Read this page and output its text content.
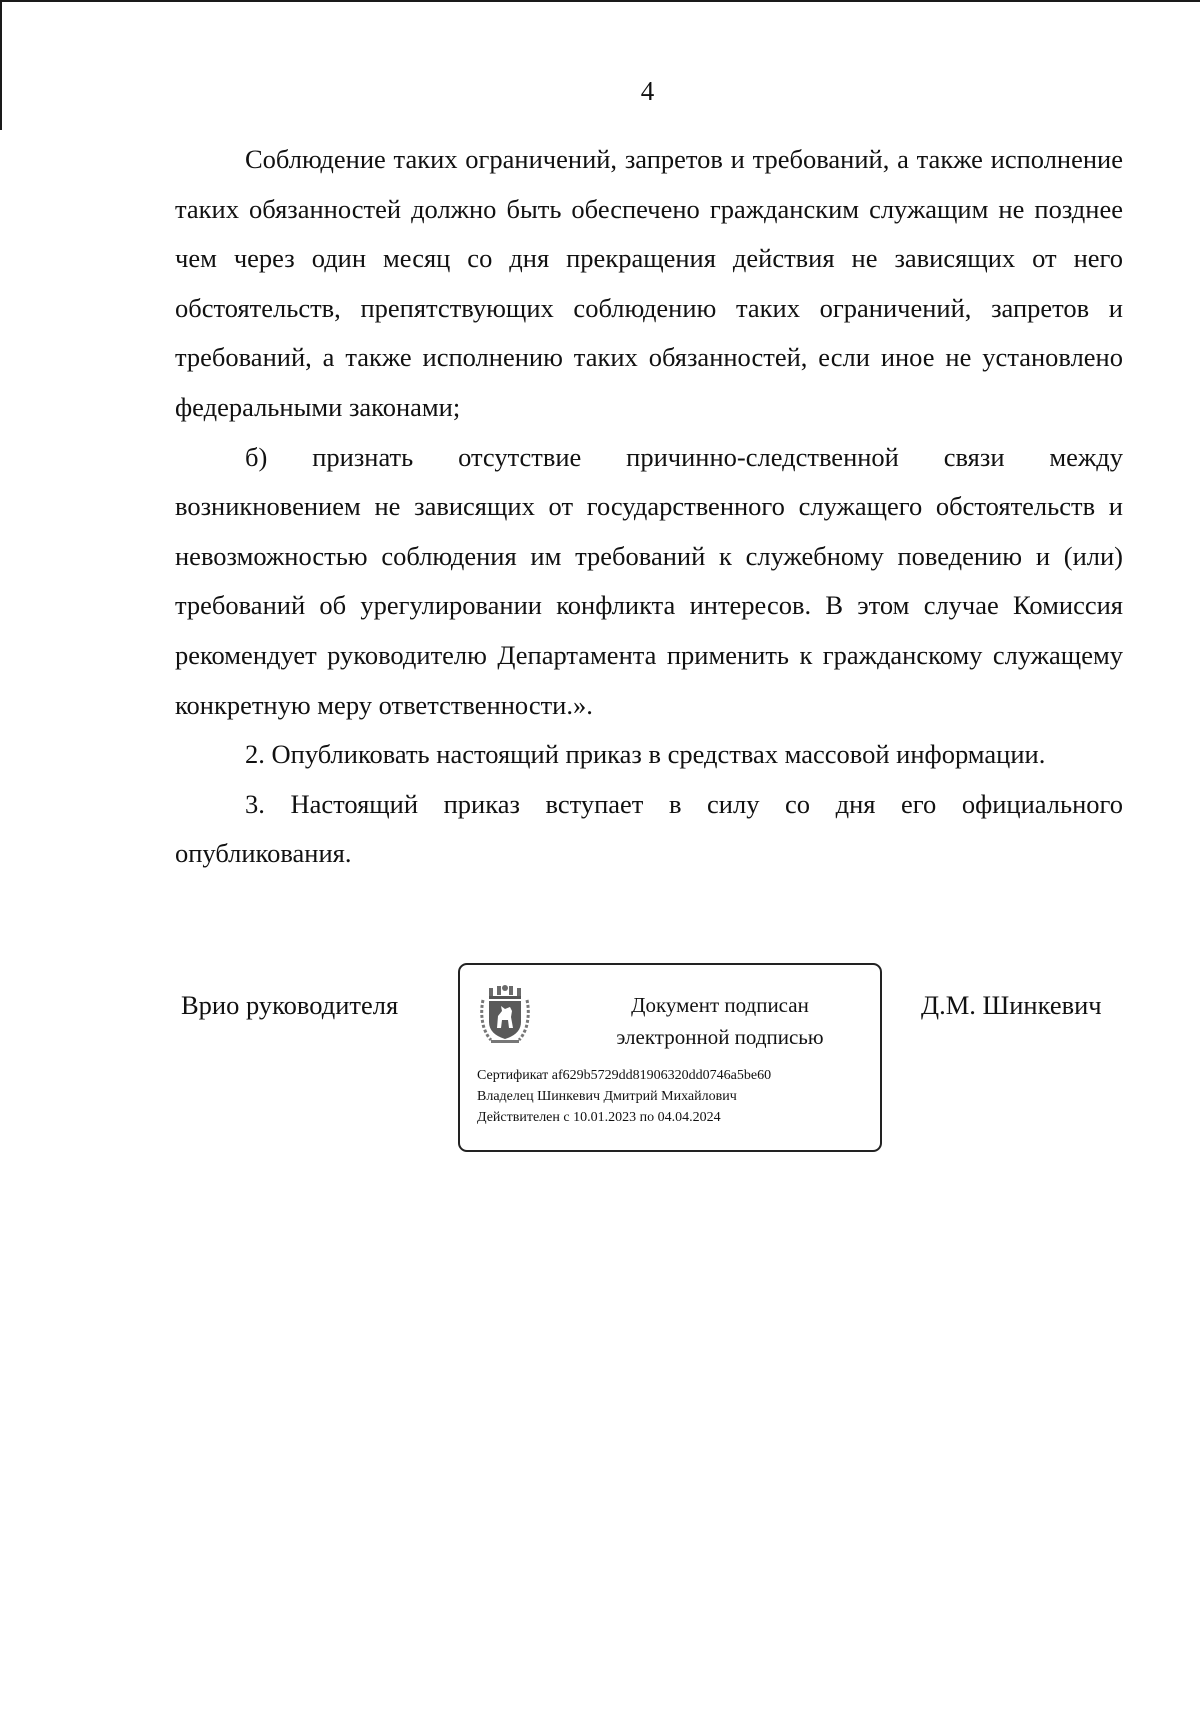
4

Соблюдение таких ограничений, запретов и требований, а также исполнение таких обязанностей должно быть обеспечено гражданским служащим не позднее чем через один месяц со дня прекращения действия не зависящих от него обстоятельств, препятствующих соблюдению таких ограничений, запретов и требований, а также исполнению таких обязанностей, если иное не установлено федеральными законами;

б) признать отсутствие причинно-следственной связи между возникновением не зависящих от государственного служащего обстоятельств и невозможностью соблюдения им требований к служебному поведению и (или) требований об урегулировании конфликта интересов. В этом случае Комиссия рекомендует руководителю Департамента применить к гражданскому служащему конкретную меру ответственности.».

2. Опубликовать настоящий приказ в средствах массовой информации.

3. Настоящий приказ вступает в силу со дня его официального опубликования.

Врио руководителя	Документ подписан
электронной подписью
Сертификат af629b5729dd81906320dd0746a5be60
Владелец Шинкевич Дмитрий Михайлович
Действителен с 10.01.2023 по 04.04.2024
Д.М. Шинкевич
